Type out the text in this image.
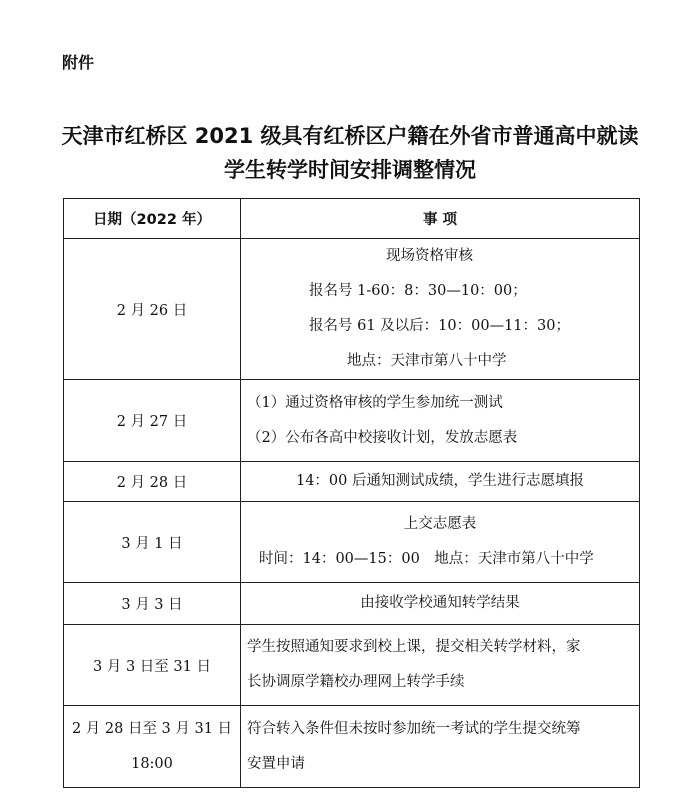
附件
天津市红桥区 2021 级具有红桥区户籍在外省市普通高中就读
学生转学时间安排调整情况
日期（2022 年）	事 项
2 月 26 日	现场资格审核
报名号 1-60：8：30—10：00；
报名号 61 及以后：10：00—11：30；
地点：天津市第八十中学

2 月 27 日	（1）通过资格审核的学生参加统一测试
（2）公布各高中校接收计划，发放志愿表

2 月 28 日	14：00 后通知测试成绩，学生进行志愿填报

3 月 1 日	上交志愿表
时间：14：00—15：00　地点：天津市第八十中学

3 月 3 日	由接收学校通知转学结果

3 月 3 日至 31 日	学生按照通知要求到校上课，提交相关转学材料，家
长协调原学籍校办理网上转学手续

2 月 28 日至 3 月 31 日
18:00	符合转入条件但未按时参加统一考试的学生提交统筹
安置申请
